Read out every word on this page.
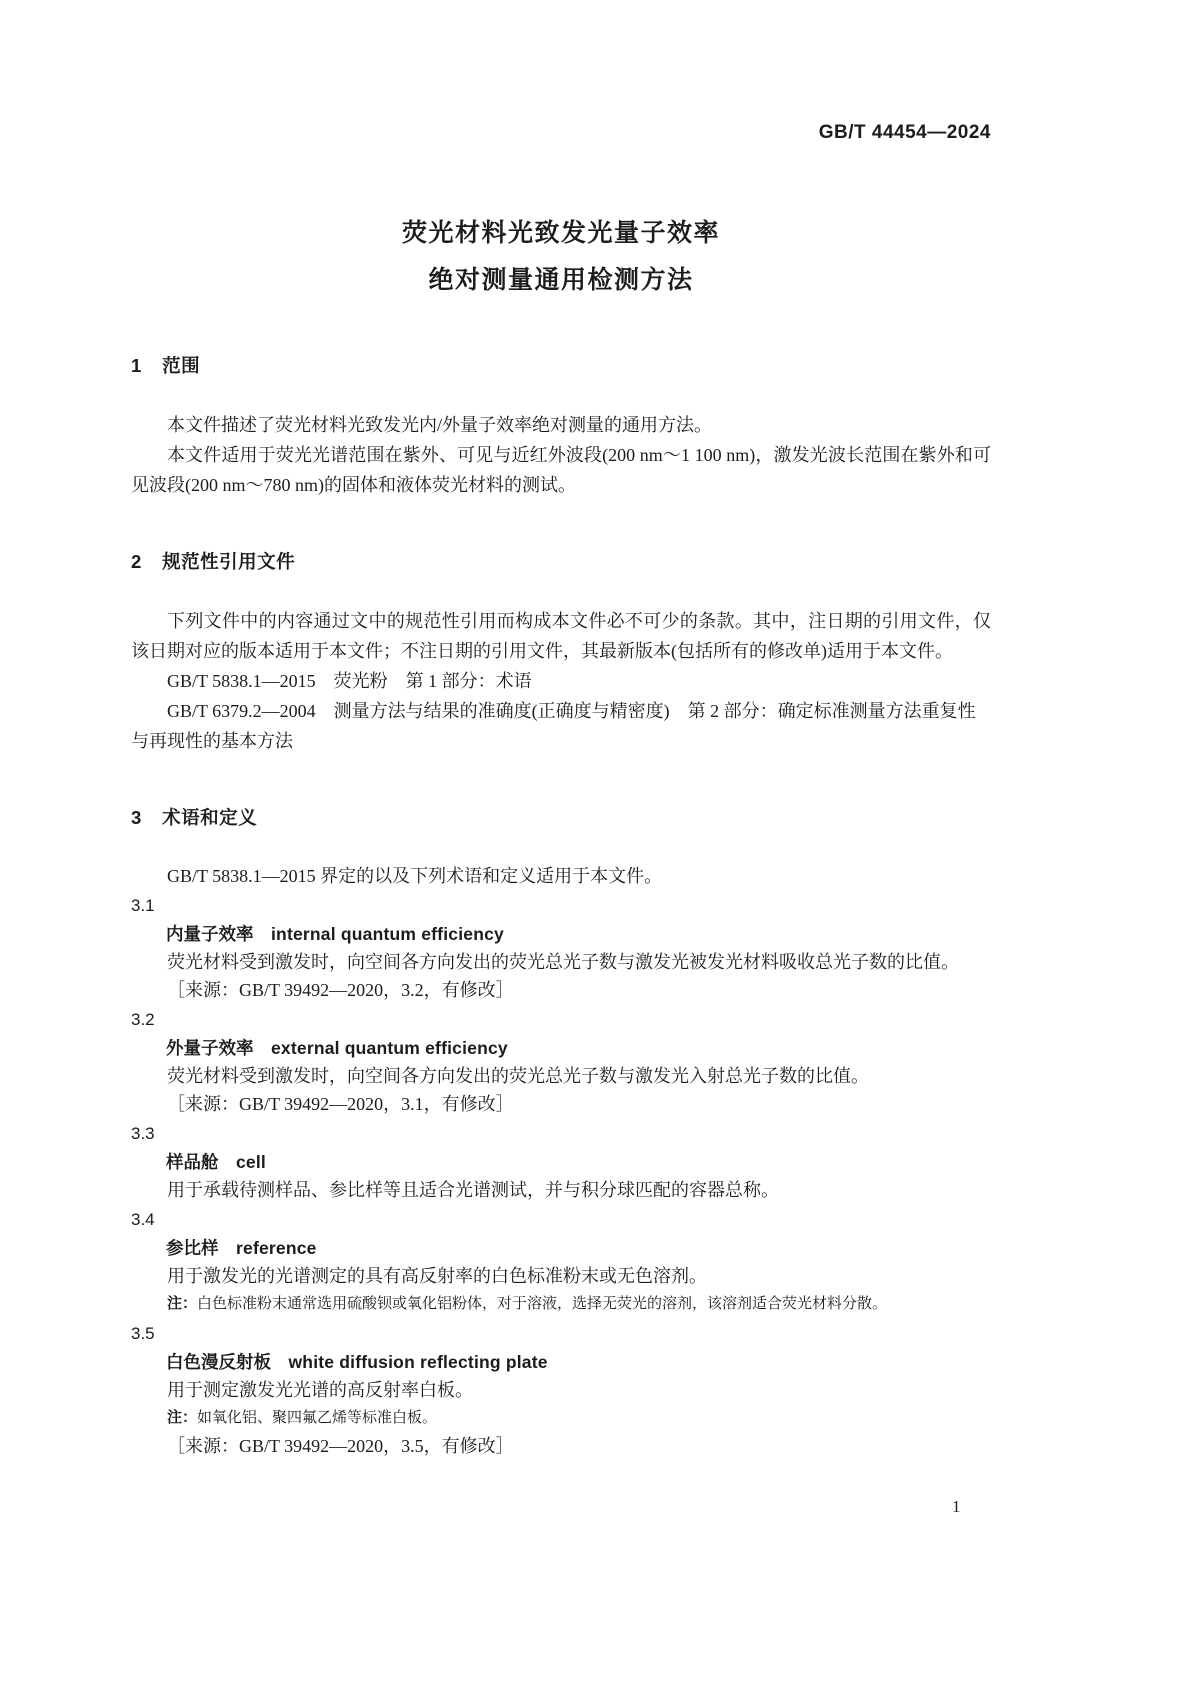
GB/T 44454—2024
荧光材料光致发光量子效率
绝对测量通用检测方法
1 范围

本文件描述了荧光材料光致发光内/外量子效率绝对测量的通用方法。

本文件适用于荧光光谱范围在紫外、可见与近红外波段(200 nm～1 100 nm)，激发光波长范围在紫外和可见波段(200 nm～780 nm)的固体和液体荧光材料的测试。

2 规范性引用文件

下列文件中的内容通过文中的规范性引用而构成本文件必不可少的条款。其中，注日期的引用文件，仅该日期对应的版本适用于本文件；不注日期的引用文件，其最新版本(包括所有的修改单)适用于本文件。

GB/T 5838.1—2015　荧光粉　第 1 部分：术语

GB/T 6379.2—2004　测量方法与结果的准确度(正确度与精密度)　第 2 部分：确定标准测量方法重复性与再现性的基本方法

3 术语和定义

GB/T 5838.1—2015 界定的以及下列术语和定义适用于本文件。

3.1
内量子效率 internal quantum efficiency

荧光材料受到激发时，向空间各方向发出的荧光总光子数与激发光被发光材料吸收总光子数的比值。

［来源：GB/T 39492—2020，3.2，有修改］

3.2
外量子效率 external quantum efficiency

荧光材料受到激发时，向空间各方向发出的荧光总光子数与激发光入射总光子数的比值。

［来源：GB/T 39492—2020，3.1，有修改］

3.3
样品舱 cell

用于承载待测样品、参比样等且适合光谱测试，并与积分球匹配的容器总称。

3.4
参比样 reference

用于激发光的光谱测定的具有高反射率的白色标准粉末或无色溶剂。

注：白色标准粉末通常选用硫酸钡或氧化铝粉体，对于溶液，选择无荧光的溶剂，该溶剂适合荧光材料分散。

3.5
白色漫反射板 white diffusion reflecting plate

用于测定激发光光谱的高反射率白板。

注：如氧化铝、聚四氟乙烯等标准白板。

［来源：GB/T 39492—2020，3.5，有修改］

1
